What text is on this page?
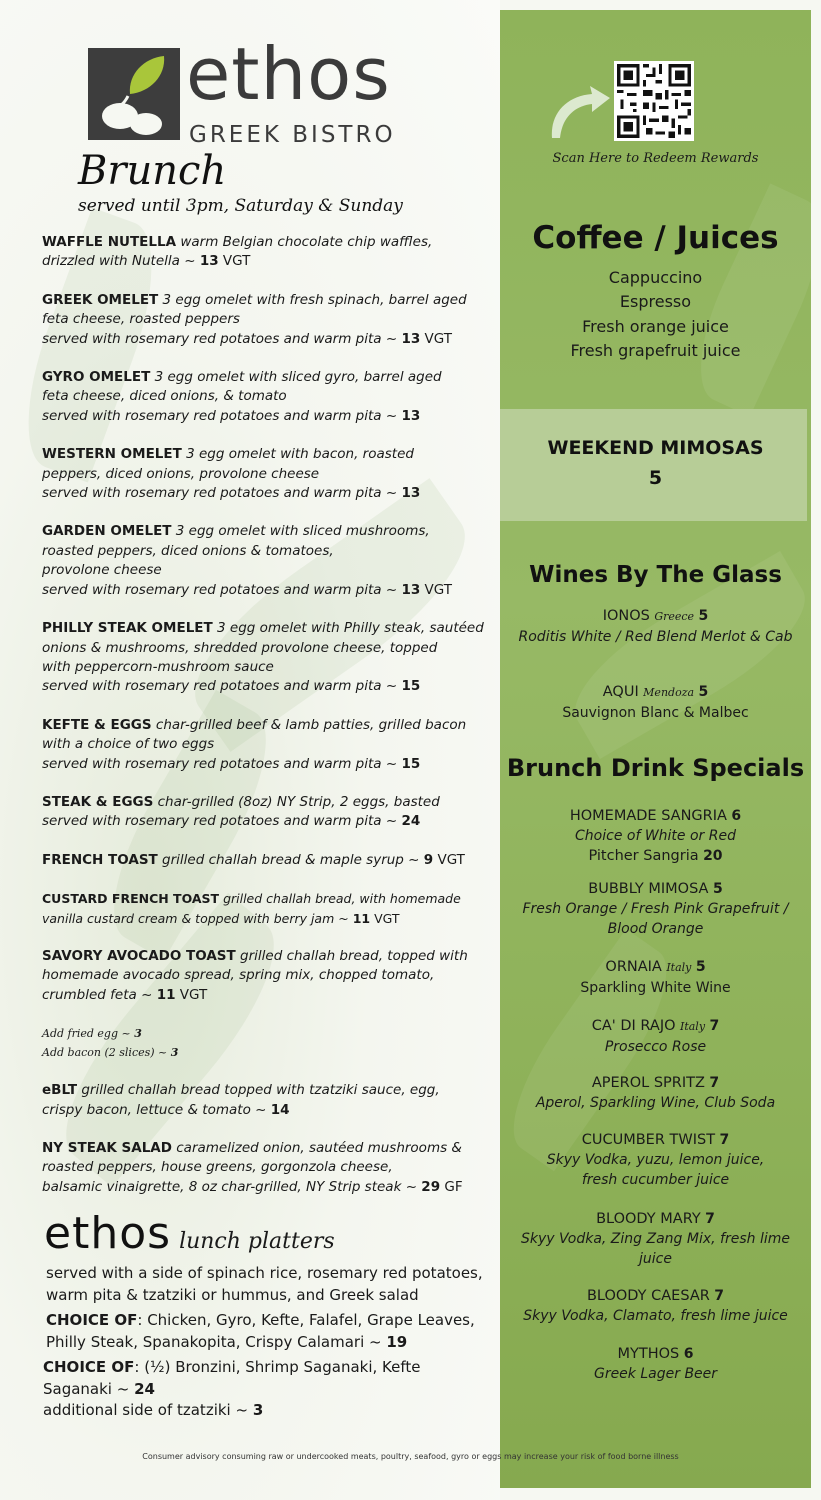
ethos
GREEK BISTRO
Brunch
served until 3pm, Saturday & Sunday

WAFFLE NUTELLA warm Belgian chocolate chip waffles,
drizzled with Nutella ~ 13 VGT

GREEK OMELET 3 egg omelet with fresh spinach, barrel aged
feta cheese, roasted peppers
served with rosemary red potatoes and warm pita ~ 13 VGT

GYRO OMELET 3 egg omelet with sliced gyro, barrel aged
feta cheese, diced onions, & tomato
served with rosemary red potatoes and warm pita ~ 13

WESTERN OMELET 3 egg omelet with bacon, roasted
peppers, diced onions, provolone cheese
served with rosemary red potatoes and warm pita ~ 13

GARDEN OMELET 3 egg omelet with sliced mushrooms,
roasted peppers, diced onions & tomatoes,
provolone cheese
served with rosemary red potatoes and warm pita ~ 13 VGT

PHILLY STEAK OMELET 3 egg omelet with Philly steak, sautéed
onions & mushrooms, shredded provolone cheese, topped
with peppercorn-mushroom sauce
served with rosemary red potatoes and warm pita ~ 15

KEFTE & EGGS char-grilled beef & lamb patties, grilled bacon
with a choice of two eggs
served with rosemary red potatoes and warm pita ~ 15

STEAK & EGGS char-grilled (8oz) NY Strip, 2 eggs, basted
served with rosemary red potatoes and warm pita ~ 24

FRENCH TOAST grilled challah bread & maple syrup ~ 9 VGT

CUSTARD FRENCH TOAST grilled challah bread, with homemade
vanilla custard cream & topped with berry jam ~ 11 VGT

SAVORY AVOCADO TOAST grilled challah bread, topped with
homemade avocado spread, spring mix, chopped tomato,
crumbled feta ~ 11 VGT

Add fried egg ~ 3
Add bacon (2 slices) ~ 3

eBLT grilled challah bread topped with tzatziki sauce, egg,
crispy bacon, lettuce & tomato ~ 14

NY STEAK SALAD caramelized onion, sautéed mushrooms &
roasted peppers, house greens, gorgonzola cheese,
balsamic vinaigrette, 8 oz char-grilled, NY Strip steak ~ 29 GF

ethos lunch platters
served with a side of spinach rice, rosemary red potatoes, warm pita & tzatziki or hummus, and Greek salad
CHOICE OF: Chicken, Gyro, Kefte, Falafel, Grape Leaves, Philly Steak, Spanakopita, Crispy Calamari ~ 19
CHOICE OF: (½) Bronzini, Shrimp Saganaki, Kefte Saganaki ~ 24
additional side of tzatziki ~ 3
Consumer advisory consuming raw or undercooked meats, poultry, seafood, gyro or eggs may increase your risk of food borne illness
Scan Here to Redeem Rewards
Coffee / Juices
Cappuccino
Espresso
Fresh orange juice
Fresh grapefruit juice
WEEKEND MIMOSAS
5
Wines By The Glass
IONOS Greece 5
Roditis White / Red Blend Merlot & Cab
AQUI Mendoza 5
Sauvignon Blanc & Malbec
Brunch Drink Specials
HOMEMADE SANGRIA 6
Choice of White or Red
Pitcher Sangria 20
BUBBLY MIMOSA 5
Fresh Orange / Fresh Pink Grapefruit /
Blood Orange
ORNAIA Italy 5
Sparkling White Wine
CA' DI RAJO Italy 7
Prosecco Rose
APEROL SPRITZ 7
Aperol, Sparkling Wine, Club Soda
CUCUMBER TWIST 7
Skyy Vodka, yuzu, lemon juice,
fresh cucumber juice
BLOODY MARY 7
Skyy Vodka, Zing Zang Mix, fresh lime
juice
BLOODY CAESAR 7
Skyy Vodka, Clamato, fresh lime juice
MYTHOS 6
Greek Lager Beer
